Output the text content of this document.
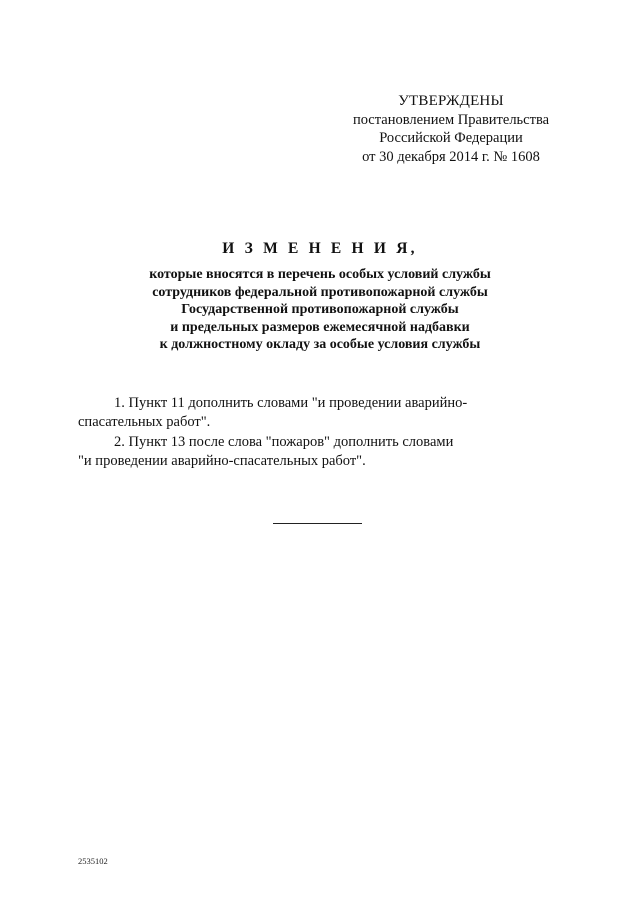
УТВЕРЖДЕНЫ
постановлением Правительства
Российской Федерации
от 30 декабря 2014 г. № 1608
И З М Е Н Е Н И Я,
которые вносятся в перечень особых условий службы
сотрудников федеральной противопожарной службы
Государственной противопожарной службы
и предельных размеров ежемесячной надбавки
к должностному окладу за особые условия службы
1. Пункт 11 дополнить словами "и проведении аварийно-
спасательных работ".
2. Пункт 13 после слова "пожаров" дополнить словами
"и проведении аварийно-спасательных работ".
2535102
